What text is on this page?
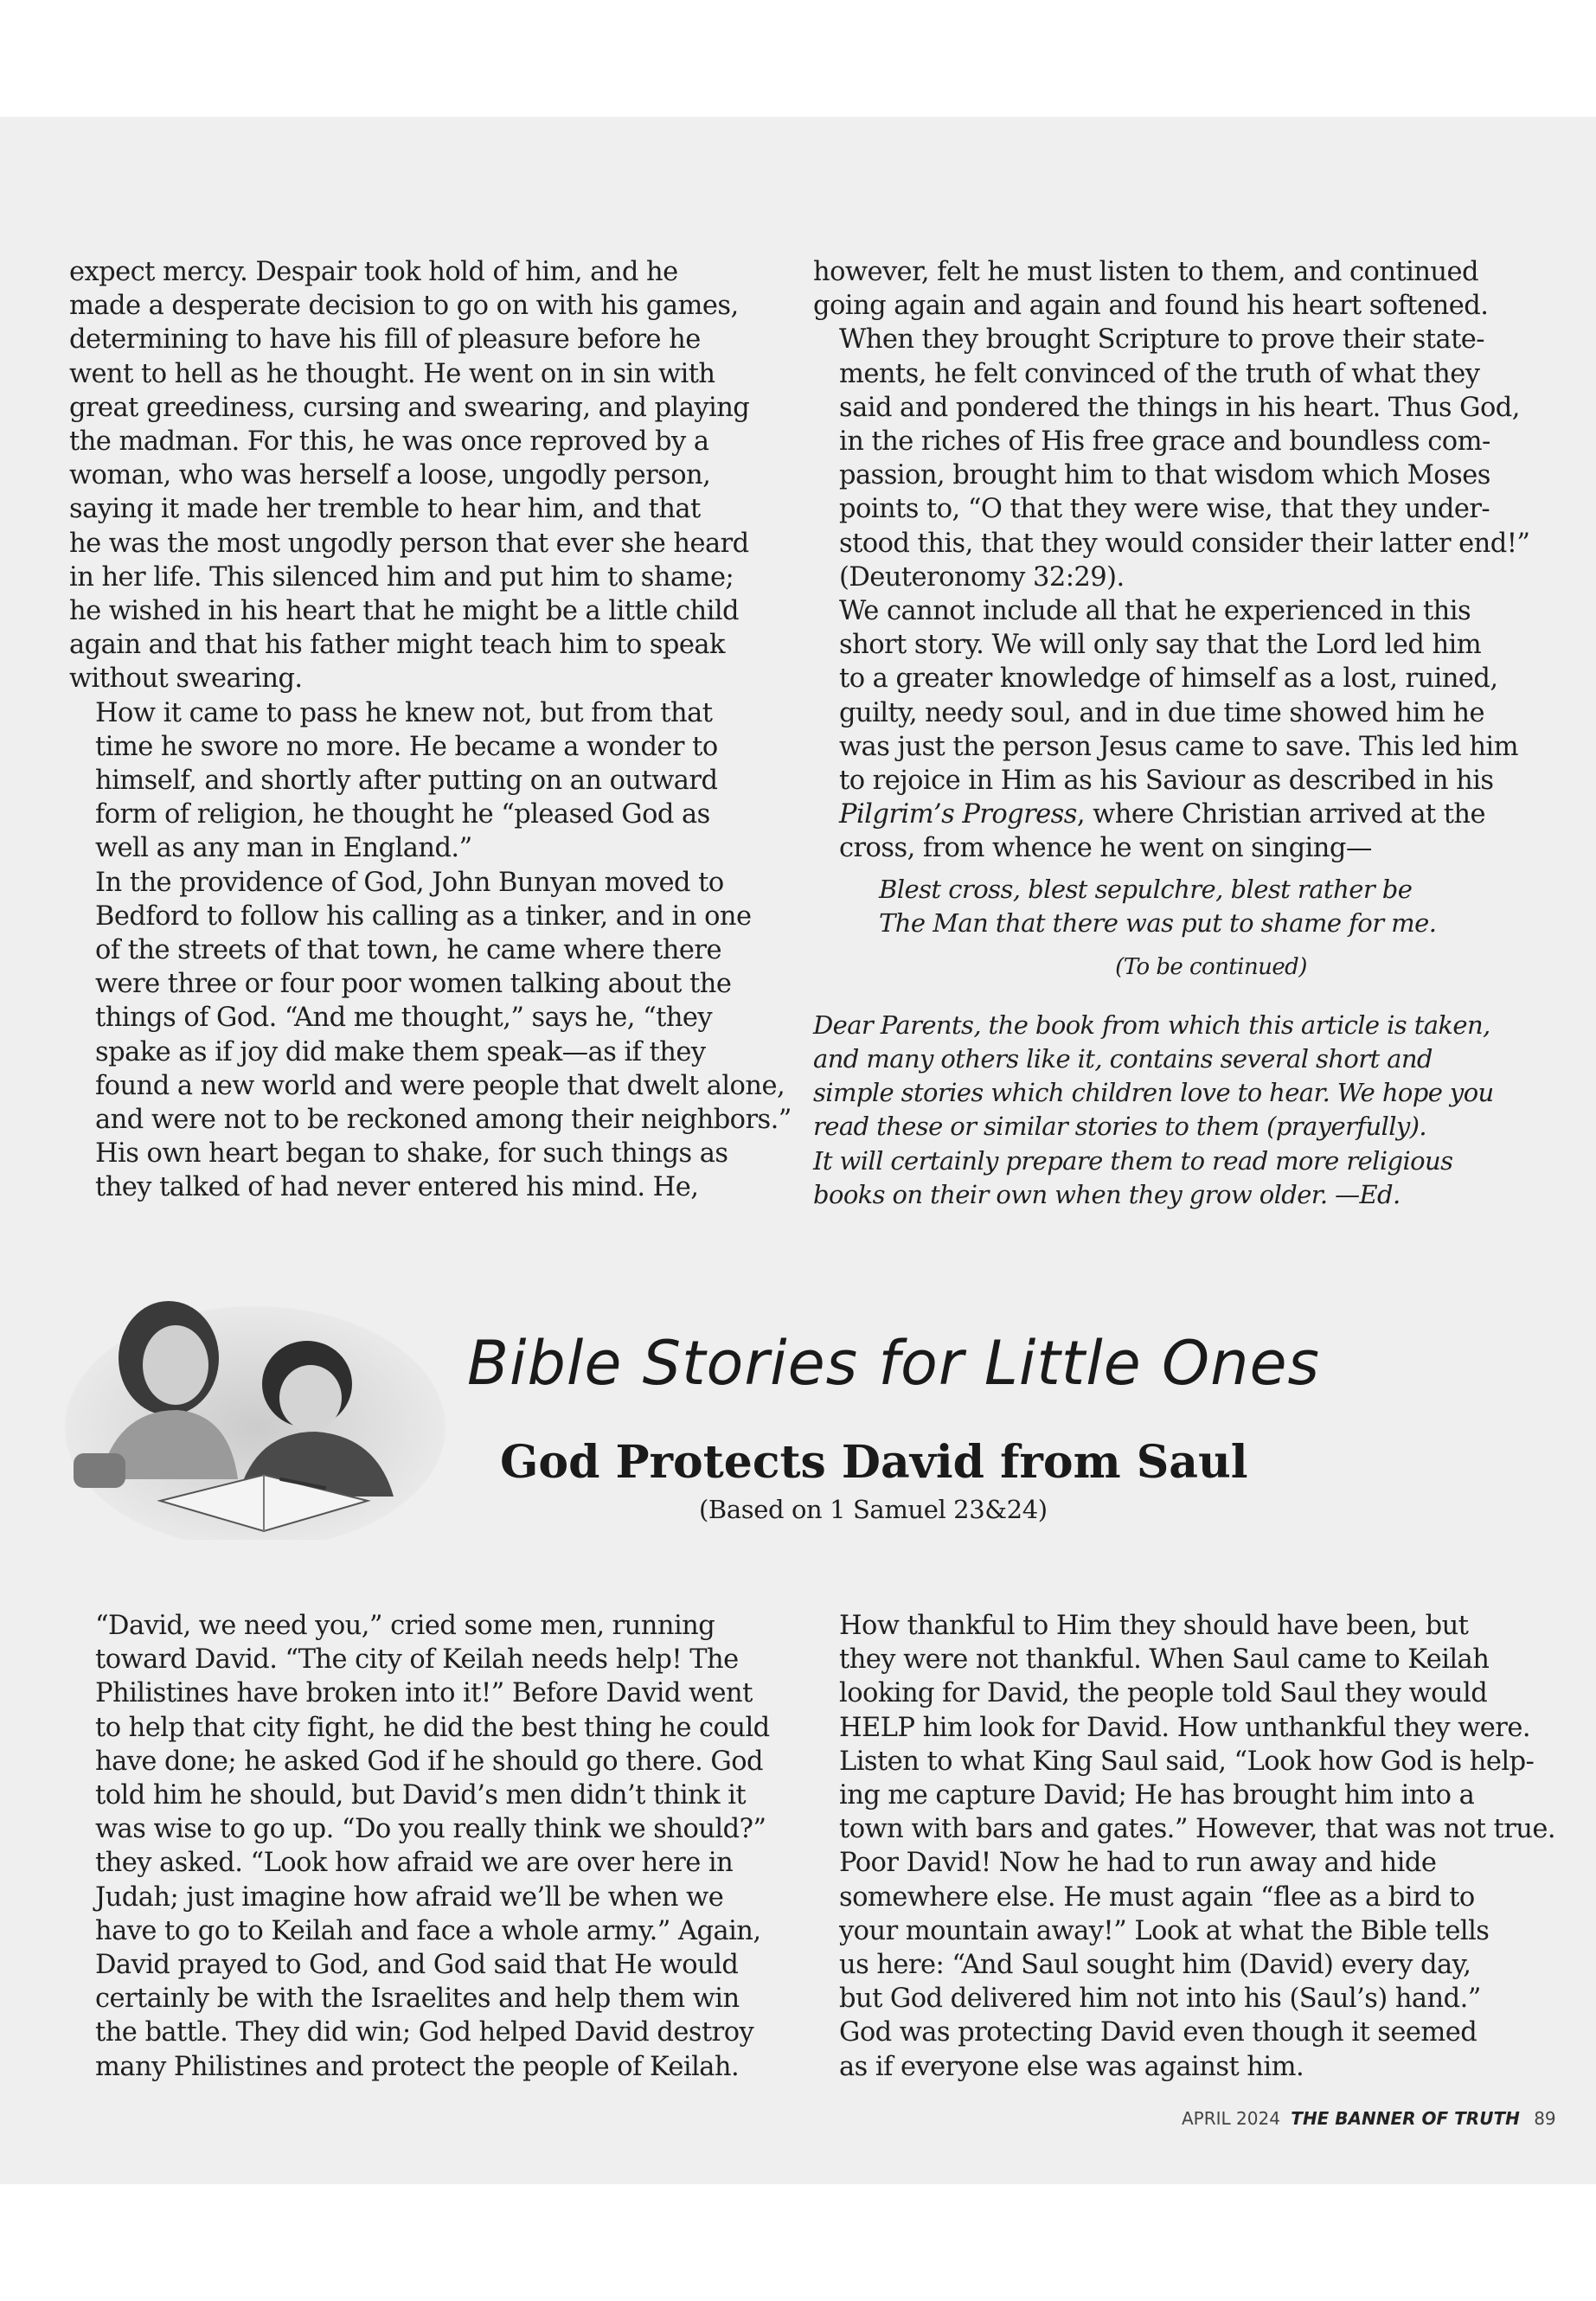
expect mercy. Despair took hold of him, and he
made a desperate decision to go on with his games,
determining to have his fill of pleasure before he
went to hell as he thought. He went on in sin with
great greediness, cursing and swearing, and playing
the madman. For this, he was once reproved by a
woman, who was herself a loose, ungodly person,
saying it made her tremble to hear him, and that
he was the most ungodly person that ever she heard
in her life. This silenced him and put him to shame;
he wished in his heart that he might be a little child
again and that his father might teach him to speak
without swearing.

How it came to pass he knew not, but from that
time he swore no more. He became a wonder to
himself, and shortly after putting on an outward
form of religion, he thought he “pleased God as
well as any man in England.”

In the providence of God, John Bunyan moved to
Bedford to follow his calling as a tinker, and in one
of the streets of that town, he came where there
were three or four poor women talking about the
things of God. “And me thought,” says he, “they
spake as if joy did make them speak—as if they
found a new world and were people that dwelt alone,
and were not to be reckoned among their neighbors.”
His own heart began to shake, for such things as
they talked of had never entered his mind. He,

however, felt he must listen to them, and continued
going again and again and found his heart softened.

When they brought Scripture to prove their state-
ments, he felt convinced of the truth of what they
said and pondered the things in his heart. Thus God,
in the riches of His free grace and boundless com-
passion, brought him to that wisdom which Moses
points to, “O that they were wise, that they under-
stood this, that they would consider their latter end!”
(Deuteronomy 32:29).

We cannot include all that he experienced in this
short story. We will only say that the Lord led him
to a greater knowledge of himself as a lost, ruined,
guilty, needy soul, and in due time showed him he
was just the person Jesus came to save. This led him
to rejoice in Him as his Saviour as described in his
Pilgrim’s Progress, where Christian arrived at the
cross, from whence he went on singing—

Blest cross, blest sepulchre, blest rather be
The Man that there was put to shame for me.
(To be continued)
Dear Parents, the book from which this article is taken,
and many others like it, contains several short and
simple stories which children love to hear. We hope you
read these or similar stories to them (prayerfully).
It will certainly prepare them to read more religious
books on their own when they grow older. —Ed.
Bible Stories for Little Ones
God Protects David from Saul
(Based on 1 Samuel 23&24)

“David, we need you,” cried some men, running
toward David. “The city of Keilah needs help! The
Philistines have broken into it!” Before David went
to help that city fight, he did the best thing he could
have done; he asked God if he should go there. God
told him he should, but David’s men didn’t think it
was wise to go up. “Do you really think we should?”
they asked. “Look how afraid we are over here in
Judah; just imagine how afraid we’ll be when we
have to go to Keilah and face a whole army.” Again,
David prayed to God, and God said that He would
certainly be with the Israelites and help them win
the battle. They did win; God helped David destroy
many Philistines and protect the people of Keilah.

How thankful to Him they should have been, but
they were not thankful. When Saul came to Keilah
looking for David, the people told Saul they would
HELP him look for David. How unthankful they were.
Listen to what King Saul said, “Look how God is help-
ing me capture David; He has brought him into a
town with bars and gates.” However, that was not true.

Poor David! Now he had to run away and hide
somewhere else. He must again “flee as a bird to
your mountain away!” Look at what the Bible tells
us here: “And Saul sought him (David) every day,
but God delivered him not into his (Saul’s) hand.”
God was protecting David even though it seemed
as if everyone else was against him.

APRIL 2024 THE BANNER OF TRUTH 89
